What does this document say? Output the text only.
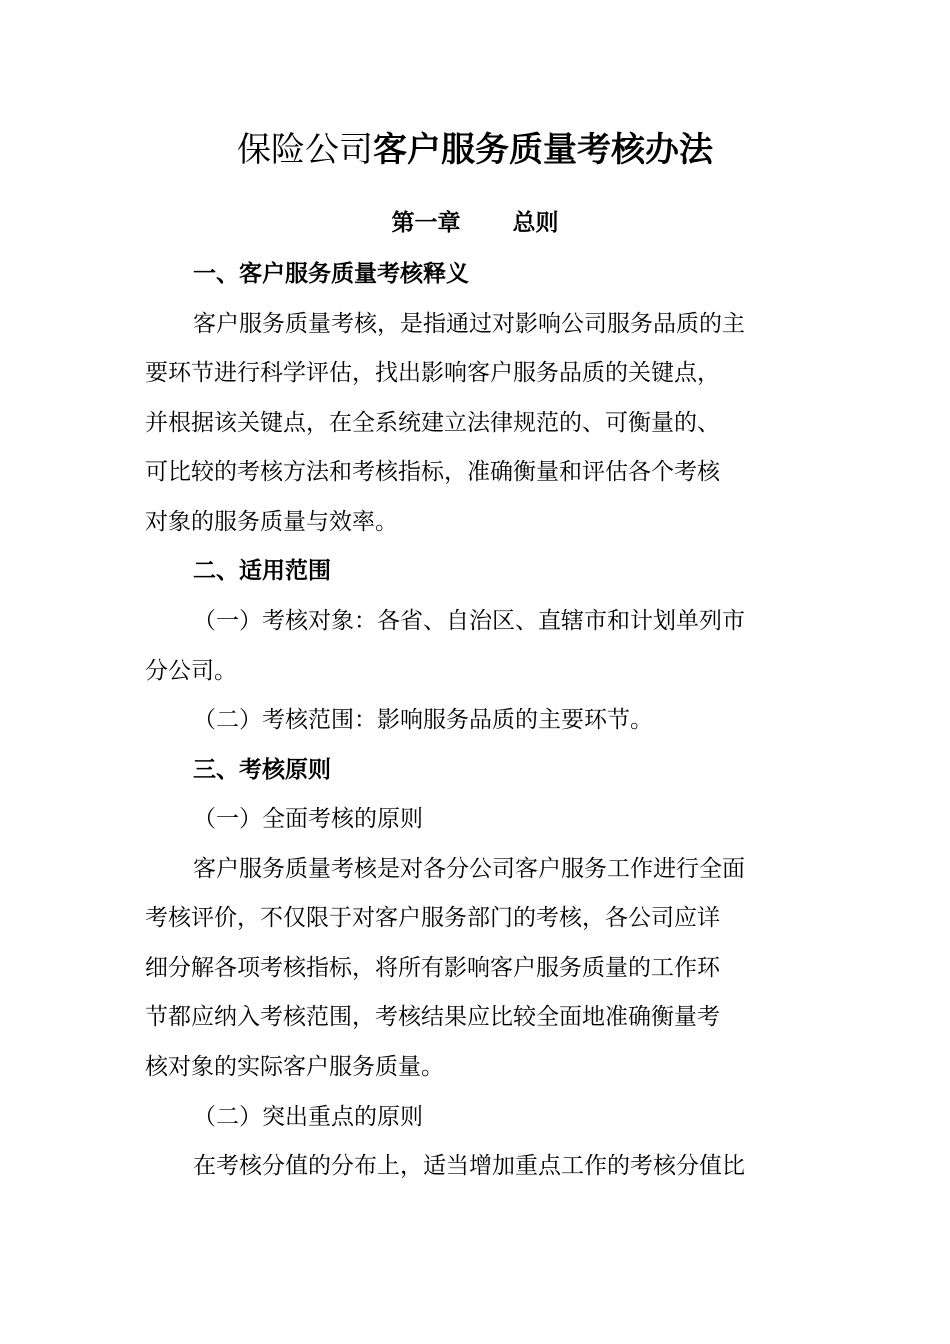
保险公司客户服务质量考核办法
第一章 总则
一、客户服务质量考核释义
客户服务质量考核，是指通过对影响公司服务品质的主
要环节进行科学评估，找出影响客户服务品质的关键点，
并根据该关键点，在全系统建立法律规范的、可衡量的、
可比较的考核方法和考核指标，准确衡量和评估各个考核
对象的服务质量与效率。
二、适用范围
（一）考核对象：各省、自治区、直辖市和计划单列市
分公司。
（二）考核范围：影响服务品质的主要环节。
三、考核原则
（一）全面考核的原则
客户服务质量考核是对各分公司客户服务工作进行全面
考核评价，不仅限于对客户服务部门的考核，各公司应详
细分解各项考核指标，将所有影响客户服务质量的工作环
节都应纳入考核范围，考核结果应比较全面地准确衡量考
核对象的实际客户服务质量。
（二）突出重点的原则
在考核分值的分布上，适当增加重点工作的考核分值比
